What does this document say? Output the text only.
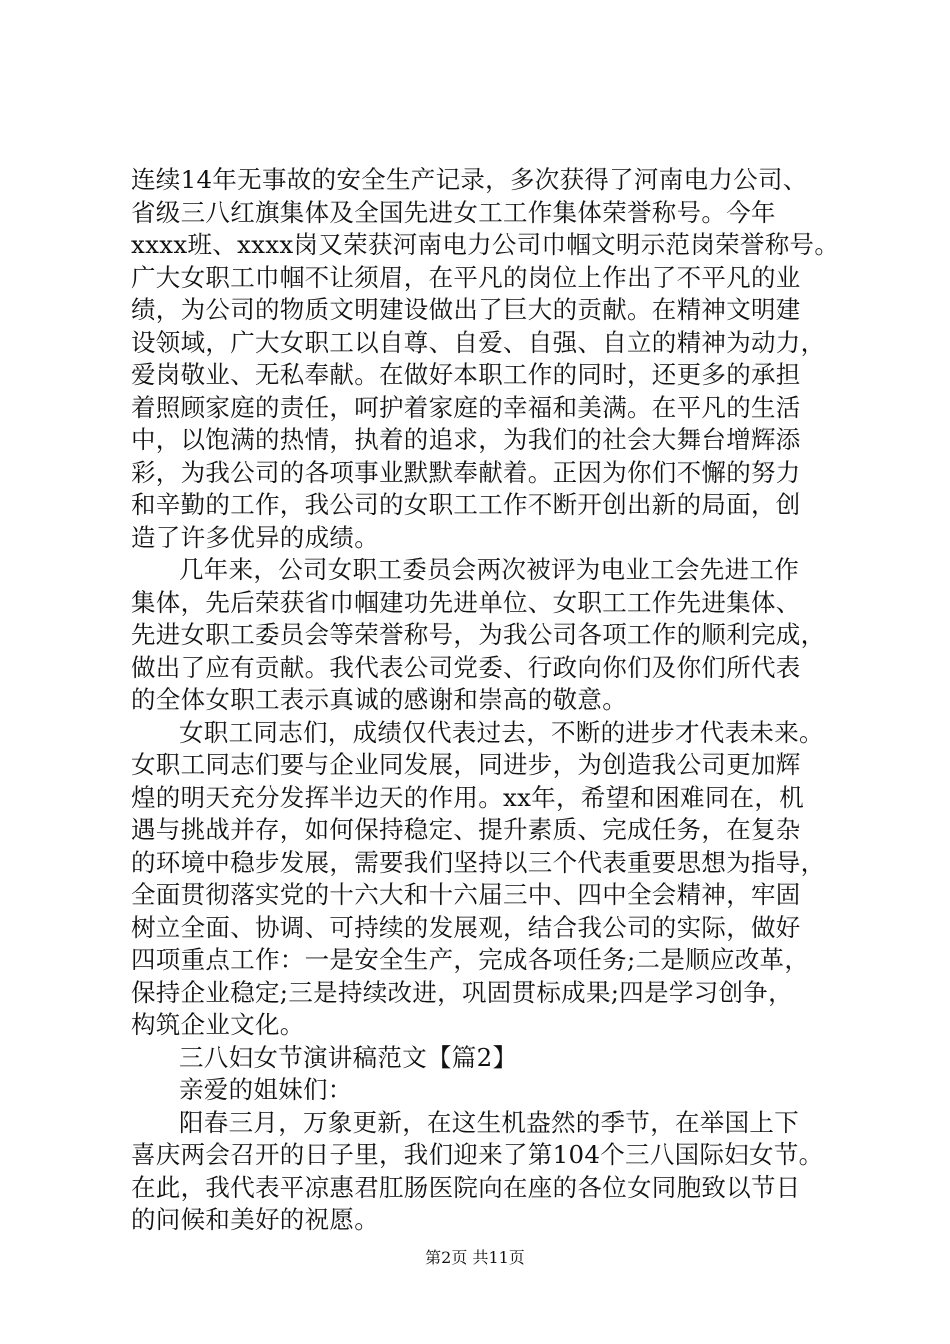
连续14年无事故的安全生产记录，多次获得了河南电力公司、
省级三八红旗集体及全国先进女工工作集体荣誉称号。今年
xxxx班、xxxx岗又荣获河南电力公司巾帼文明示范岗荣誉称号。
广大女职工巾帼不让须眉，在平凡的岗位上作出了不平凡的业
绩，为公司的物质文明建设做出了巨大的贡献。在精神文明建
设领域，广大女职工以自尊、自爱、自强、自立的精神为动力，
爱岗敬业、无私奉献。在做好本职工作的同时，还更多的承担
着照顾家庭的责任，呵护着家庭的幸福和美满。在平凡的生活
中，以饱满的热情，执着的追求，为我们的社会大舞台增辉添
彩，为我公司的各项事业默默奉献着。正因为你们不懈的努力
和辛勤的工作，我公司的女职工工作不断开创出新的局面，创
造了许多优异的成绩。
几年来，公司女职工委员会两次被评为电业工会先进工作
集体，先后荣获省巾帼建功先进单位、女职工工作先进集体、
先进女职工委员会等荣誉称号，为我公司各项工作的顺利完成，
做出了应有贡献。我代表公司党委、行政向你们及你们所代表
的全体女职工表示真诚的感谢和崇高的敬意。
女职工同志们，成绩仅代表过去，不断的进步才代表未来。
女职工同志们要与企业同发展，同进步，为创造我公司更加辉
煌的明天充分发挥半边天的作用。xx年，希望和困难同在，机
遇与挑战并存，如何保持稳定、提升素质、完成任务，在复杂
的环境中稳步发展，需要我们坚持以三个代表重要思想为指导，
全面贯彻落实党的十六大和十六届三中、四中全会精神，牢固
树立全面、协调、可持续的发展观，结合我公司的实际，做好
四项重点工作：一是安全生产，完成各项任务;二是顺应改革，
保持企业稳定;三是持续改进，巩固贯标成果;四是学习创争，
构筑企业文化。
三八妇女节演讲稿范文【篇2】
亲爱的姐妹们：
阳春三月，万象更新，在这生机盎然的季节，在举国上下
喜庆两会召开的日子里，我们迎来了第104个三八国际妇女节。
在此，我代表平凉惠君肛肠医院向在座的各位女同胞致以节日
的问候和美好的祝愿。
第2页 共11页
